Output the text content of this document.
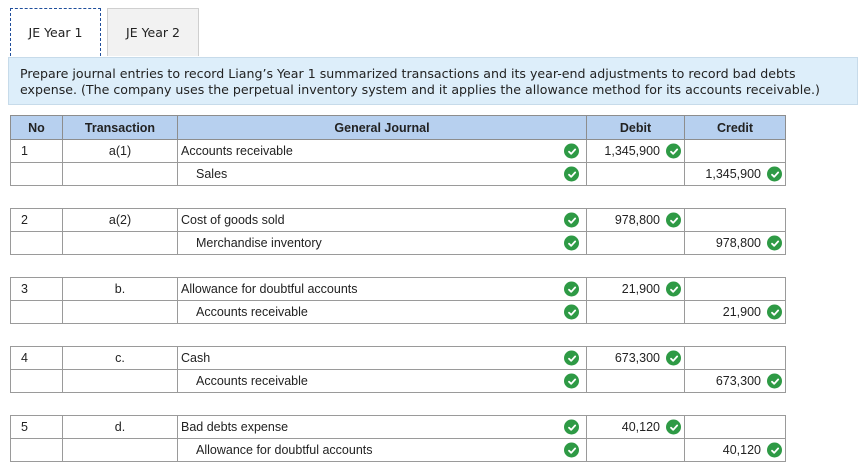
JE Year 1	JE Year 2
Prepare journal entries to record Liang’s Year 1 summarized transactions and its year-end adjustments to record bad debts expense. (The company uses the perpetual inventory system and it applies the allowance method for its accounts receivable.)
No	Transaction	General Journal	Debit	Credit
1	a(1)	Accounts receivable	1,345,900

		Sales		1,345,900

2	a(2)	Cost of goods sold	978,800

		Merchandise inventory		978,800

3	b.	Allowance for doubtful accounts	21,900

		Accounts receivable		21,900

4	c.	Cash	673,300

		Accounts receivable		673,300

5	d.	Bad debts expense	40,120

		Allowance for doubtful accounts		40,120
